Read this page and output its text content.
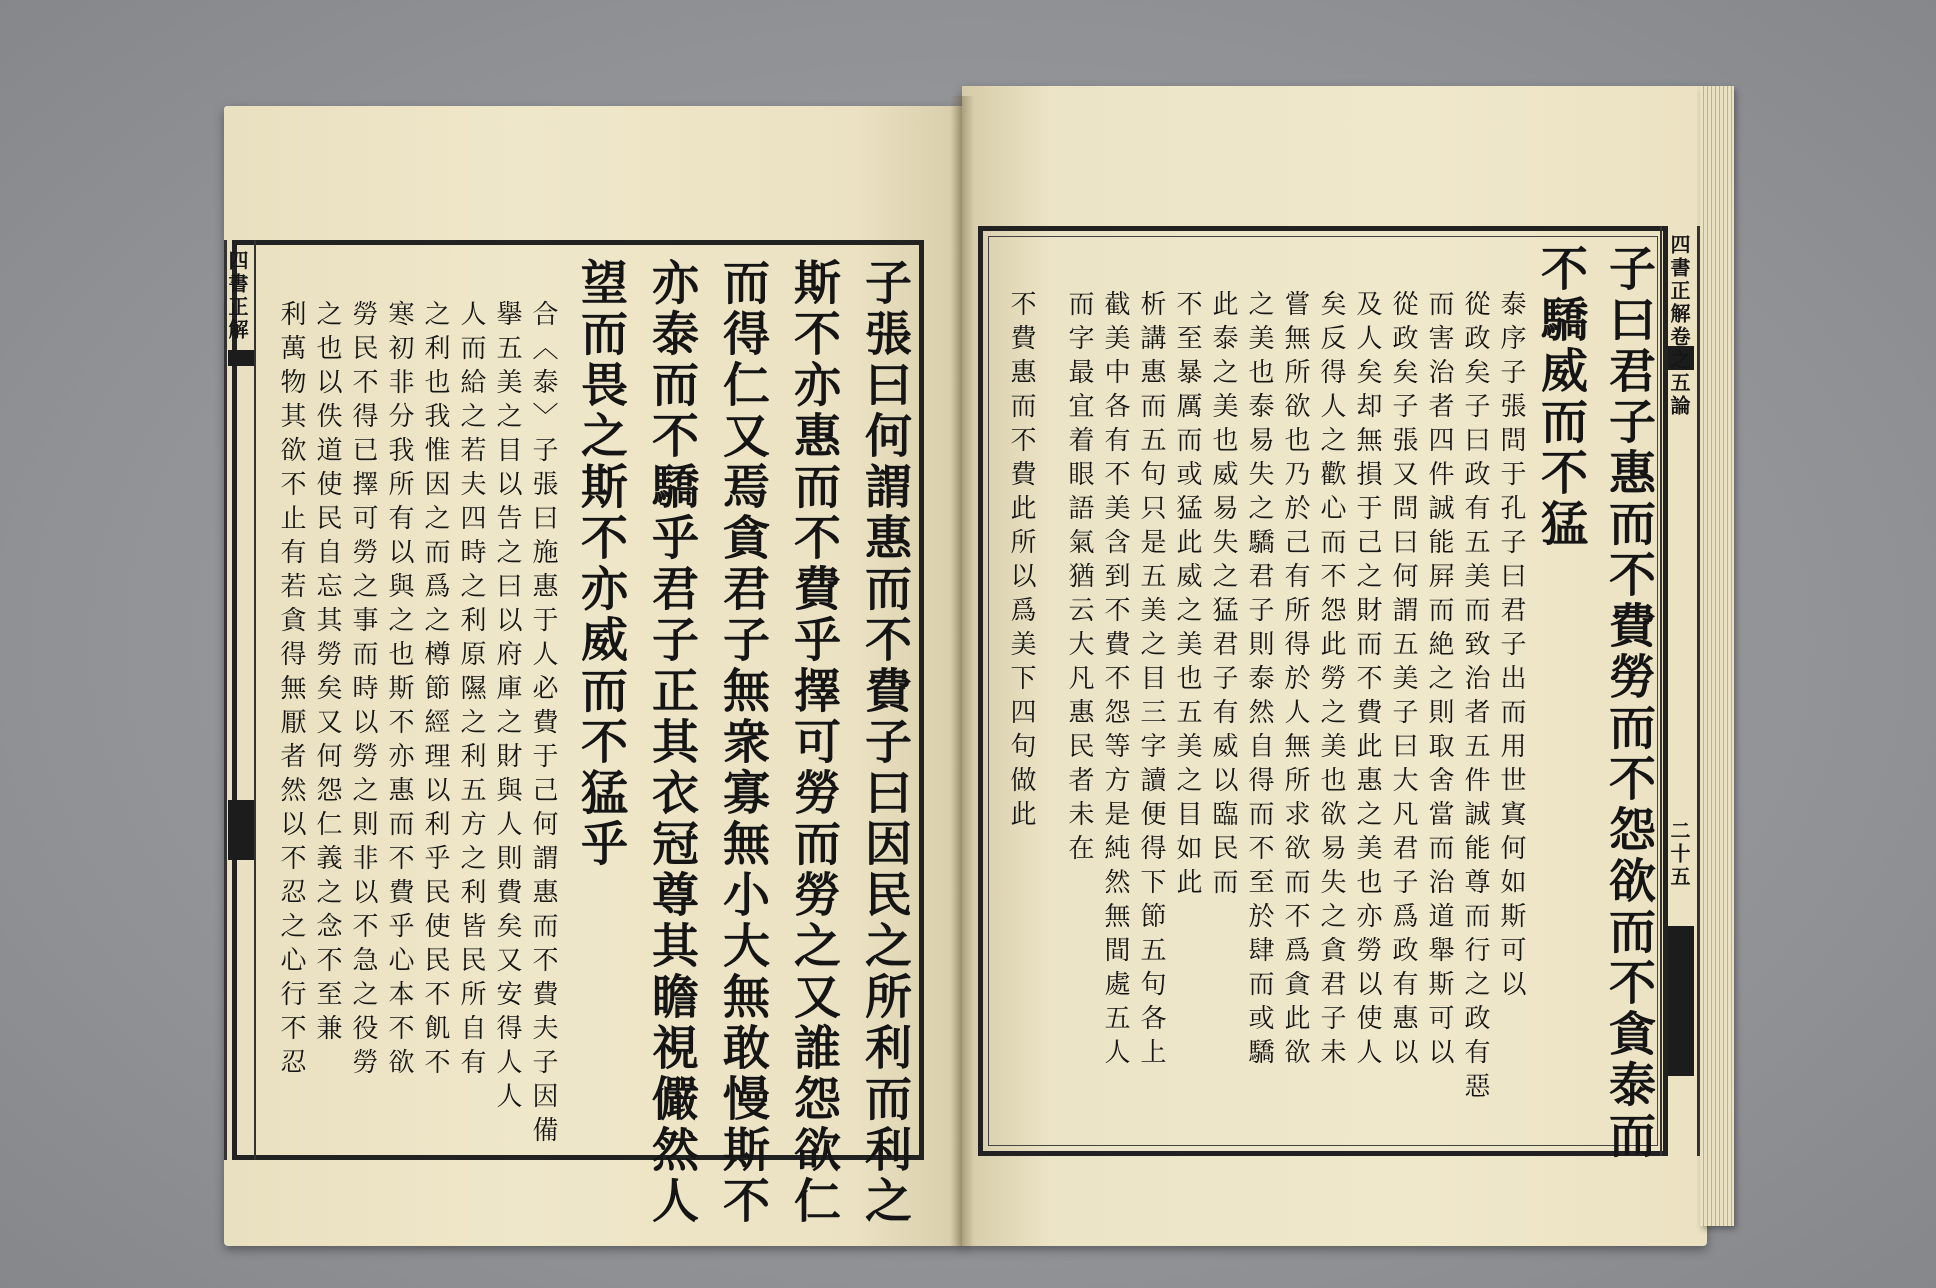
四書正解	子張曰何謂惠而不費子曰因民之所利而利之
斯不亦惠而不費乎擇可勞而勞之又誰怨欲仁
而得仁又焉貪君子無衆寡無小大無敢慢斯不
亦泰而不驕乎君子正其衣冠尊其瞻視儼然人
望而畏之斯不亦威而不猛乎
合〈泰〉子張曰施惠于人必費于己何謂惠而不費夫子因備
擧五美之目以告之曰以府庫之財與人則費矣又安得人人
人而給之若夫四時之利原隰之利五方之利皆民所自有
之利也我惟因之而爲之樽節經理以利乎民使民不飢不
寒初非分我所有以與之也斯不亦惠而不費乎心本不欲
勞民不得已擇可勞之事而時以勞之則非以不急之役勞
之也以佚道使民自忘其勞矣又何怨仁義之念不至兼
利萬物其欲不止有若貪得無厭者然以不忍之心行不忍	四書正解卷之五論
二十五
子曰君子惠而不費勞而不怨欲而不貪泰而
不驕威而不猛
泰序子張問于孔子曰君子出而用世寘何如斯可以
從政矣子曰政有五美而致治者五件誠能尊而行之政有惡
而害治者四件誠能屛而絶之則取舍當而治道舉斯可以
從政矣子張又問曰何謂五美子曰大凡君子爲政有惠以
及人矣却無損于己之財而不費此惠之美也亦勞以使人
矣反得人之歡心而不怨此勞之美也欲易失之貪君子未
嘗無所欲也乃於己有所得於人無所求欲而不爲貪此欲
之美也泰易失之驕君子則泰然自得而不至於肆而或驕
此泰之美也威易失之猛君子有威以臨民而
不至暴厲而或猛此威之美也五美之目如此
析講惠而五句只是五美之目三字讀便得下節五句各上
截美中各有不美含到不費不怨等方是純然無間處五人
而字最宜着眼語氣猶云大凡惠民者未在
不費惠而不費此所以爲美下四句做此
